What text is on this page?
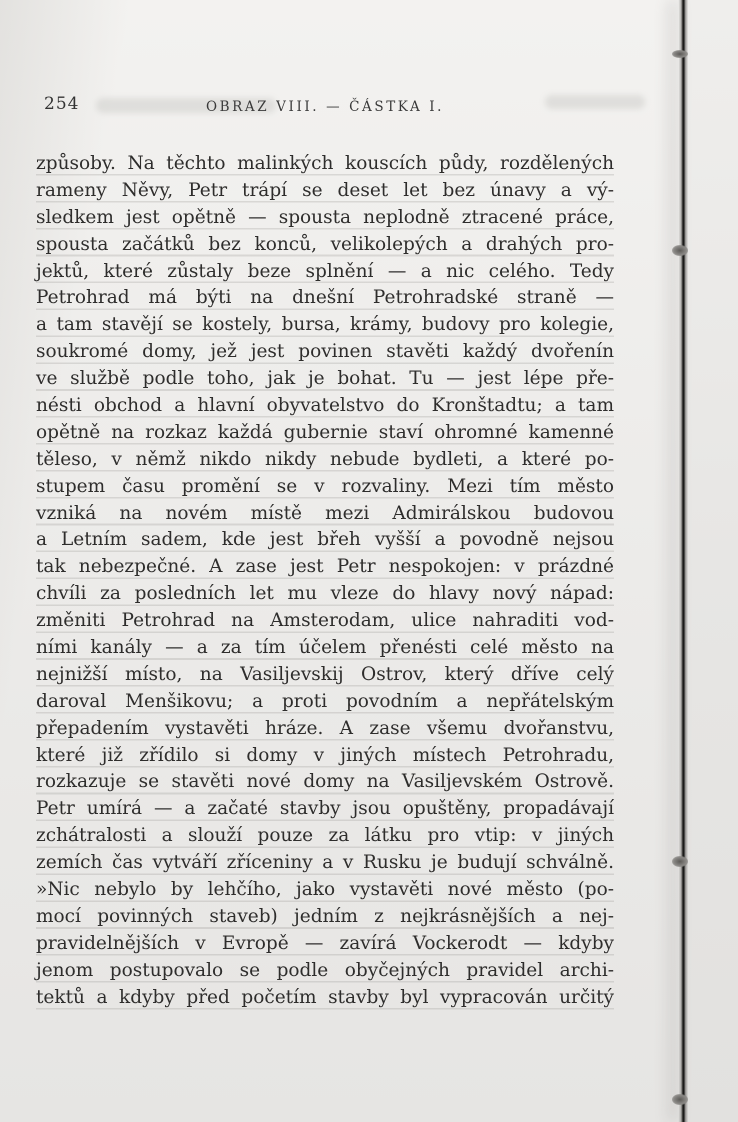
254	OBRAZ VIII. — ČÁSTKA I.
způsoby. Na těchto malinkých kouscích půdy, rozdělených
rameny Něvy, Petr trápí se deset let bez únavy a vý-
sledkem jest opětně — spousta neplodně ztracené práce,
spousta začátků bez konců, velikolepých a drahých pro-
jektů, které zůstaly beze splnění — a nic celého. Tedy
Petrohrad má býti na dnešní Petrohradské straně —
a tam stavějí se kostely, bursa, krámy, budovy pro kolegie,
soukromé domy, jež jest povinen stavěti každý dvořenín
ve službě podle toho, jak je bohat. Tu — jest lépe pře-
nésti obchod a hlavní obyvatelstvo do Kronštadtu; a tam
opětně na rozkaz každá gubernie staví ohromné kamenné
těleso, v němž nikdo nikdy nebude bydleti, a které po-
stupem času promění se v rozvaliny. Mezi tím město
vzniká na novém místě mezi Admirálskou budovou
a Letním sadem, kde jest břeh vyšší a povodně nejsou
tak nebezpečné. A zase jest Petr nespokojen: v prázdné
chvíli za posledních let mu vleze do hlavy nový nápad:
změniti Petrohrad na Amsterodam, ulice nahraditi vod-
ními kanály — a za tím účelem přenésti celé město na
nejnižší místo, na Vasiljevskij Ostrov, který dříve celý
daroval Menšikovu; a proti povodním a nepřátelským
přepadením vystavěti hráze. A zase všemu dvořanstvu,
které již zřídilo si domy v jiných místech Petrohradu,
rozkazuje se stavěti nové domy na Vasiljevském Ostrově.
Petr umírá — a začaté stavby jsou opuštěny, propadávají
zchátralosti a slouží pouze za látku pro vtip: v jiných
zemích čas vytváří zříceniny a v Rusku je budují schválně.
»Nic nebylo by lehčího, jako vystavěti nové město (po-
mocí povinných staveb) jedním z nejkrásnějších a nej-
pravidelnějších v Evropě — zavírá Vockerodt — kdyby
jenom postupovalo se podle obyčejných pravidel archi-
tektů a kdyby před početím stavby byl vypracován určitý
